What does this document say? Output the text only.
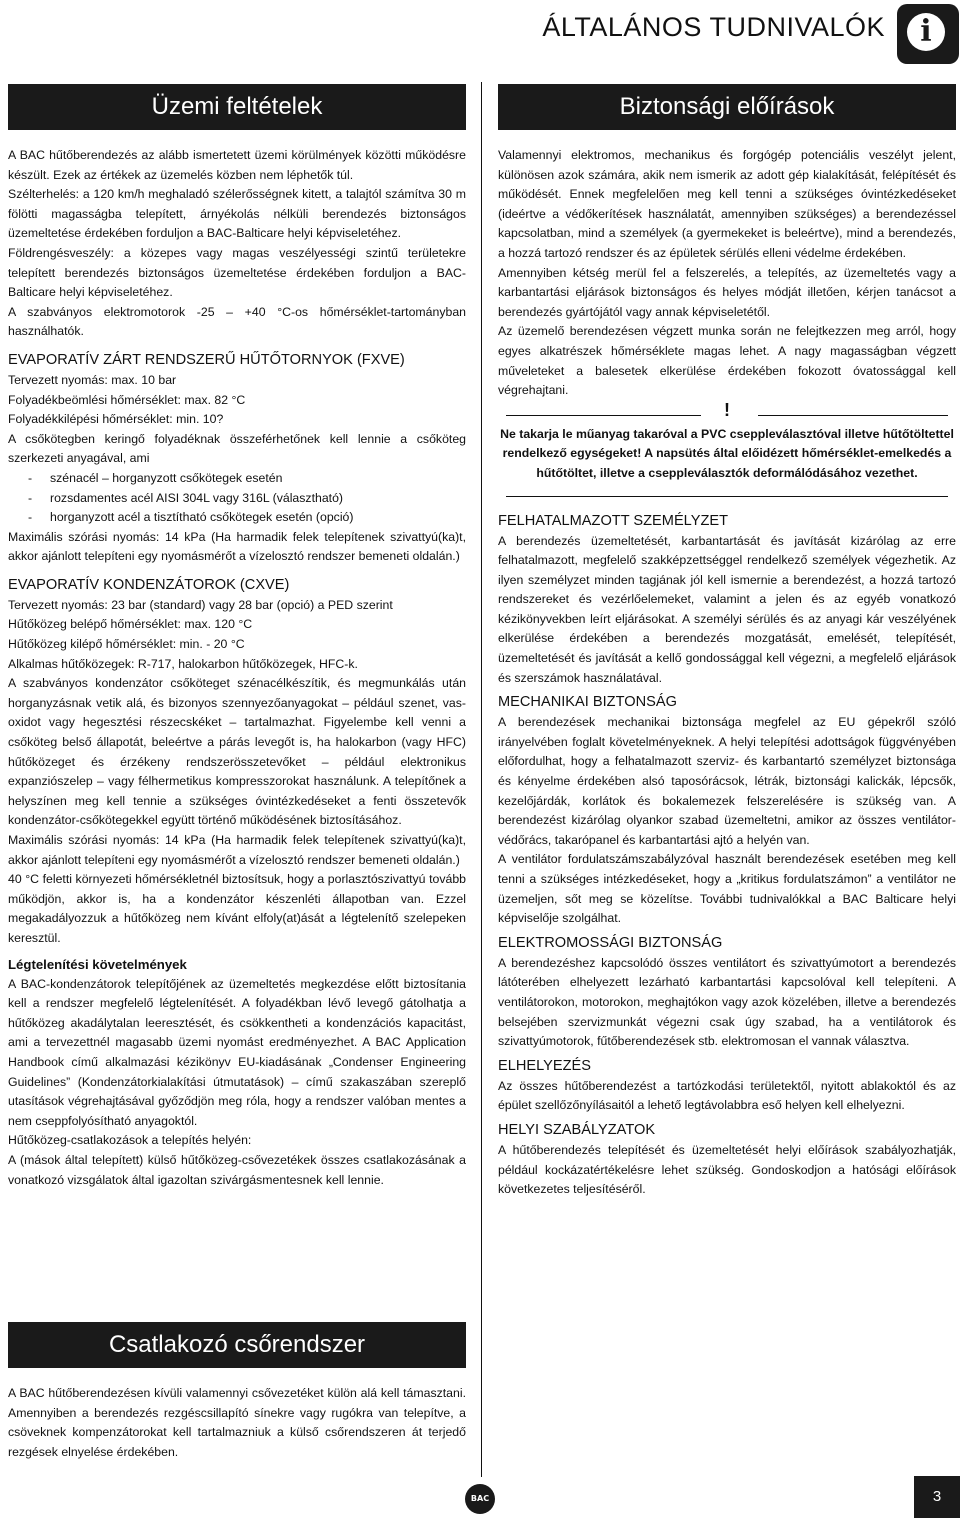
ÁLTALÁNOS TUDNIVALÓK	i
Üzemi feltételek

A BAC hűtőberendezés az alább ismertetett üzemi körülmények közötti működésre készült. Ezek az értékek az üzemelés közben nem léphetők túl.

Szélterhelés: a 120 km/h meghaladó szélerősségnek kitett, a talajtól számítva 30 m fölötti magasságba telepített, árnyékolás nélküli berendezés biztonságos üzemeltetése érdekében forduljon a BAC-Balticare helyi képviseletéhez.

Földrengésveszély: a közepes vagy magas veszélyességi szintű területekre telepített berendezés biztonságos üzemeltetése érdekében forduljon a BAC-Balticare helyi képviseletéhez.

A szabványos elektromotorok -25 – +40 °C-os hőmérséklet-tartományban használhatók.

EVAPORATÍV ZÁRT RENDSZERŰ HŰTŐTORNYOK (FXVE)

Tervezett nyomás: max. 10 bar

Folyadékbeömlési hőmérséklet: max. 82 °C

Folyadékkilépési hőmérséklet: min. 10?

A csőkötegben keringő folyadéknak összeférhetőnek kell lennie a csőköteg szerkezeti anyagával, ami

- szénacél – horganyzott csőkötegek esetén
- rozsdamentes acél AISI 304L vagy 316L (választható)
- horganyzott acél a tisztítható csőkötegek esetén (opció)

Maximális szórási nyomás: 14 kPa (Ha harmadik felek telepítenek szivattyú(ka)t, akkor ajánlott telepíteni egy nyomásmérőt a vízelosztó rendszer bemeneti oldalán.)

EVAPORATÍV KONDENZÁTOROK (CXVE)

Tervezett nyomás: 23 bar (standard) vagy 28 bar (opció) a PED szerint

Hűtőközeg belépő hőmérséklet: max. 120 °C

Hűtőközeg kilépő hőmérséklet: min. - 20 °C

Alkalmas hűtőközegek: R-717, halokarbon hűtőközegek, HFC-k.

A szabványos kondenzátor csőköteget szénacélkészítik, és megmunkálás után horganyzásnak vetik alá, és bizonyos szennyezőanyagokat – például szenet, vas-oxidot vagy hegesztési részecskéket – tartalmazhat. Figyelembe kell venni a csőköteg belső állapotát, beleértve a párás levegőt is, ha halokarbon (vagy HFC) hűtőközeget és érzékeny rendszerösszetevőket – például elektronikus expanziószelep – vagy félhermetikus kompresszorokat használunk. A telepítőnek a helyszínen meg kell tennie a szükséges óvintézkedéseket a fenti összetevők kondenzátor-csőkötegekkel együtt történő működésének biztosításához.

Maximális szórási nyomás: 14 kPa (Ha harmadik felek telepítenek szivattyú(ka)t, akkor ajánlott telepíteni egy nyomásmérőt a vízelosztó rendszer bemeneti oldalán.)

40 °C feletti környezeti hőmérsékletnél biztosítsuk, hogy a porlasztószivattyú tovább működjön, akkor is, ha a kondenzátor készenléti állapotban van. Ezzel megakadályozzuk a hűtőközeg nem kívánt elfoly(at)ását a légtelenítő szelepeken keresztül.

Légtelenítési követelmények

A BAC-kondenzátorok telepítőjének az üzemeltetés megkezdése előtt biztosítania kell a rendszer megfelelő légtelenítését. A folyadékban lévő levegő gátolhatja a hűtőközeg akadálytalan leeresztését, és csökkentheti a kondenzációs kapacitást, ami a tervezettnél magasabb üzemi nyomást eredményezhet. A BAC Application Handbook című alkalmazási kézikönyv EU-kiadásának „Condenser Engineering Guidelines” (Kondenzátorkialakítási útmutatások) – című szakaszában szereplő utasítások végrehajtásával győződjön meg róla, hogy a rendszer valóban mentes a nem cseppfolyósítható anyagoktól.

Hűtőközeg-csatlakozások a telepítés helyén:

A (mások által telepített) külső hűtőközeg-csővezetékek összes csatlakozásának a vonatkozó vizsgálatok által igazoltan szivárgásmentesnek kell lennie.

Csatlakozó csőrendszer

A BAC hűtőberendezésen kívüli valamennyi csővezetéket külön alá kell támasztani. Amennyiben a berendezés rezgéscsillapító sínekre vagy rugókra van telepítve, a csöveknek kompenzátorokat kell tartalmazniuk a külső csőrendszeren át terjedő rezgések elnyelése érdekében.

Biztonsági előírások

Valamennyi elektromos, mechanikus és forgógép potenciális veszélyt jelent, különösen azok számára, akik nem ismerik az adott gép kialakítását, felépítését és működését. Ennek megfelelően meg kell tenni a szükséges óvintézkedéseket (ideértve a védőkerítések használatát, amennyiben szükséges) a berendezéssel kapcsolatban, mind a személyek (a gyermekeket is beleértve), mind a berendezés, a hozzá tartozó rendszer és az épületek sérülés elleni védelme érdekében.

Amennyiben kétség merül fel a felszerelés, a telepítés, az üzemeltetés vagy a karbantartási eljárások biztonságos és helyes módját illetően, kérjen tanácsot a berendezés gyártójától vagy annak képviseletétől.

Az üzemelő berendezésen végzett munka során ne felejtkezzen meg arról, hogy egyes alkatrészek hőmérséklete magas lehet. A nagy magasságban végzett műveleteket a balesetek elkerülése érdekében fokozott óvatossággal kell végrehajtani.

!
Ne takarja le műanyag takaróval a PVC cseppleválasztóval illetve hűtőtöltettel rendelkező egységeket! A napsütés által előidézett hőmérséklet-emelkedés a hűtőtöltet, illetve a cseppleválasztók deformálódásához vezethet.
FELHATALMAZOTT SZEMÉLYZET

A berendezés üzemeltetését, karbantartását és javítását kizárólag az erre felhatalmazott, megfelelő szakképzettséggel rendelkező személyek végezhetik. Az ilyen személyzet minden tagjának jól kell ismernie a berendezést, a hozzá tartozó rendszereket és vezérlőelemeket, valamint a jelen és az egyéb vonatkozó kézikönyvekben leírt eljárásokat. A személyi sérülés és az anyagi kár veszélyének elkerülése érdekében a berendezés mozgatását, emelését, telepítését, üzemeltetését és javítását a kellő gondossággal kell végezni, a megfelelő eljárások és szerszámok használatával.

MECHANIKAI BIZTONSÁG

A berendezések mechanikai biztonsága megfelel az EU gépekről szóló irányelvében foglalt követelményeknek. A helyi telepítési adottságok függvényében előfordulhat, hogy a felhatalmazott szerviz- és karbantartó személyzet biztonsága és kényelme érdekében alsó taposórácsok, létrák, biztonsági kalickák, lépcsők, kezelőjárdák, korlátok és bokalemezek felszerelésére is szükség van. A berendezést kizárólag olyankor szabad üzemeltetni, amikor az összes ventilátor-védőrács, takarópanel és karbantartási ajtó a helyén van.

A ventilátor fordulatszámszabályzóval használt berendezések esetében meg kell tenni a szükséges intézkedéseket, hogy a „kritikus fordulatszámon” a ventilátor ne üzemeljen, sőt meg se közelítse. További tudnivalókkal a BAC Balticare helyi képviselője szolgálhat.

ELEKTROMOSSÁGI BIZTONSÁG

A berendezéshez kapcsolódó összes ventilátort és szivattyúmotort a berendezés látóterében elhelyezett lezárható karbantartási kapcsolóval kell telepíteni. A ventilátorokon, motorokon, meghajtókon vagy azok közelében, illetve a berendezés belsejében szervizmunkát végezni csak úgy szabad, ha a ventilátorok és szivattyúmotorok, fűtőberendezések stb. elektromosan el vannak választva.

ELHELYEZÉS

Az összes hűtőberendezést a tartózkodási területektől, nyitott ablakoktól és az épület szellőzőnyílásaitól a lehető legtávolabbra eső helyen kell elhelyezni.

HELYI SZABÁLYZATOK

A hűtőberendezés telepítését és üzemeltetését helyi előírások szabályozhatják, például kockázatértékelésre lehet szükség. Gondoskodjon a hatósági előírások következetes teljesítéséről.

BAC	3
